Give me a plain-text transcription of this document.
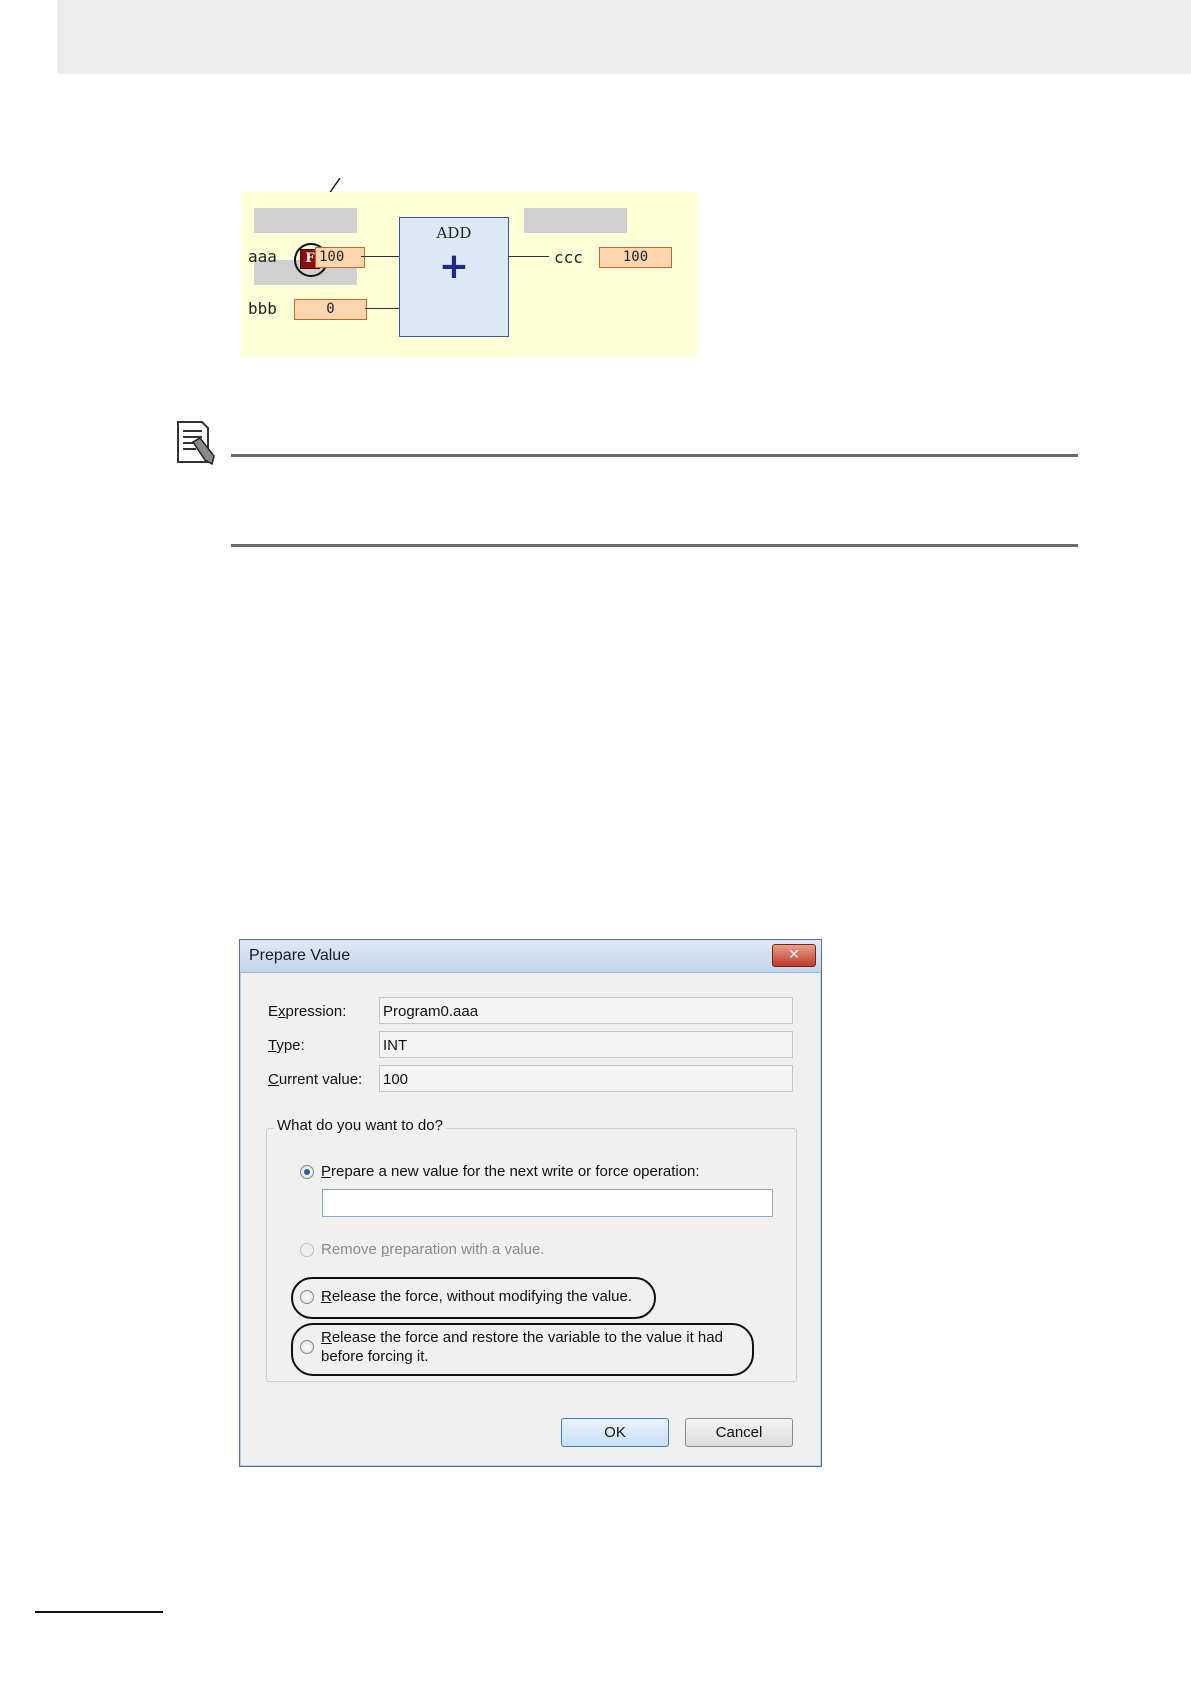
aaa	F 100
bbb	0
ADD
+	ccc	100
Prepare Value	✕
Expression: Program0.aaa
Type:	INT
Current value: 100
What do you want to do?
Prepare a new value for the next write or force operation:
Remove preparation with a value.
Release the force, without modifying the value.
Release the force and restore the variable to the value it had
before forcing it.
OK	Cancel
